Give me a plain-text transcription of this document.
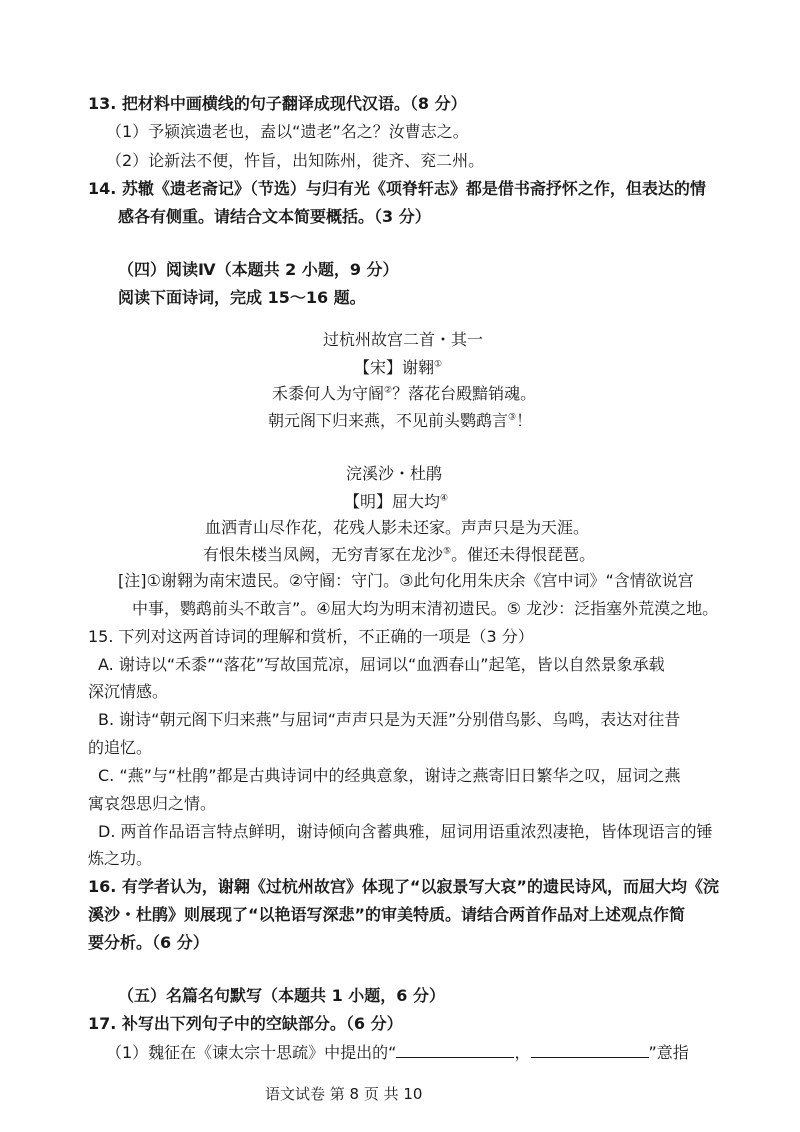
13. 把材料中画横线的句子翻译成现代汉语。（8 分）
（1）予颍滨遗老也，盍以“遗老”名之？汝曹志之。
（2）论新法不便，忤旨，出知陈州，徙齐、兖二州。
14. 苏辙《遗老斋记》（节选）与归有光《项脊轩志》都是借书斋抒怀之作，但表达的情
感各有侧重。请结合文本简要概括。（3 分）
（四）阅读Ⅳ（本题共 2 小题，9 分）
阅读下面诗词，完成 15～16 题。
过杭州故宫二首・其一
【宋】谢翱①
禾黍何人为守阍②？落花台殿黯销魂。
朝元阁下归来燕，不见前头鹦鹉言③！
浣溪沙・杜鹃
【明】屈大均④
血洒青山尽作花，花残人影未还家。声声只是为天涯。
有恨朱楼当凤阙，无穷青冢在龙沙⑤。催还未得恨琵琶。
[注]①谢翱为南宋遗民。②守阍：守门。③此句化用朱庆余《宫中词》“含情欲说宫
中事，鹦鹉前头不敢言”。④屈大均为明末清初遗民。⑤ 龙沙：泛指塞外荒漠之地。
15. 下列对这两首诗词的理解和赏析，不正确的一项是（3 分）
A. 谢诗以“禾黍”“落花”写故国荒凉，屈词以“血洒春山”起笔，皆以自然景象承载
深沉情感。
B. 谢诗“朝元阁下归来燕”与屈词“声声只是为天涯”分别借鸟影、鸟鸣，表达对往昔
的追忆。
C. “燕”与“杜鹃”都是古典诗词中的经典意象，谢诗之燕寄旧日繁华之叹，屈词之燕
寓哀怨思归之情。
D. 两首作品语言特点鲜明，谢诗倾向含蓄典雅，屈词用语重浓烈凄艳，皆体现语言的锤
炼之功。
16. 有学者认为，谢翱《过杭州故宫》体现了“以寂景写大哀”的遗民诗风，而屈大均《浣
溪沙・杜鹃》则展现了“以艳语写深悲”的审美特质。请结合两首作品对上述观点作简
要分析。（6 分）
（五）名篇名句默写（本题共 1 小题，6 分）
17. 补写出下列句子中的空缺部分。（6 分）
（1）魏征在《谏太宗十思疏》中提出的“	，	”意指
语文试卷 第 8 页 共 10
